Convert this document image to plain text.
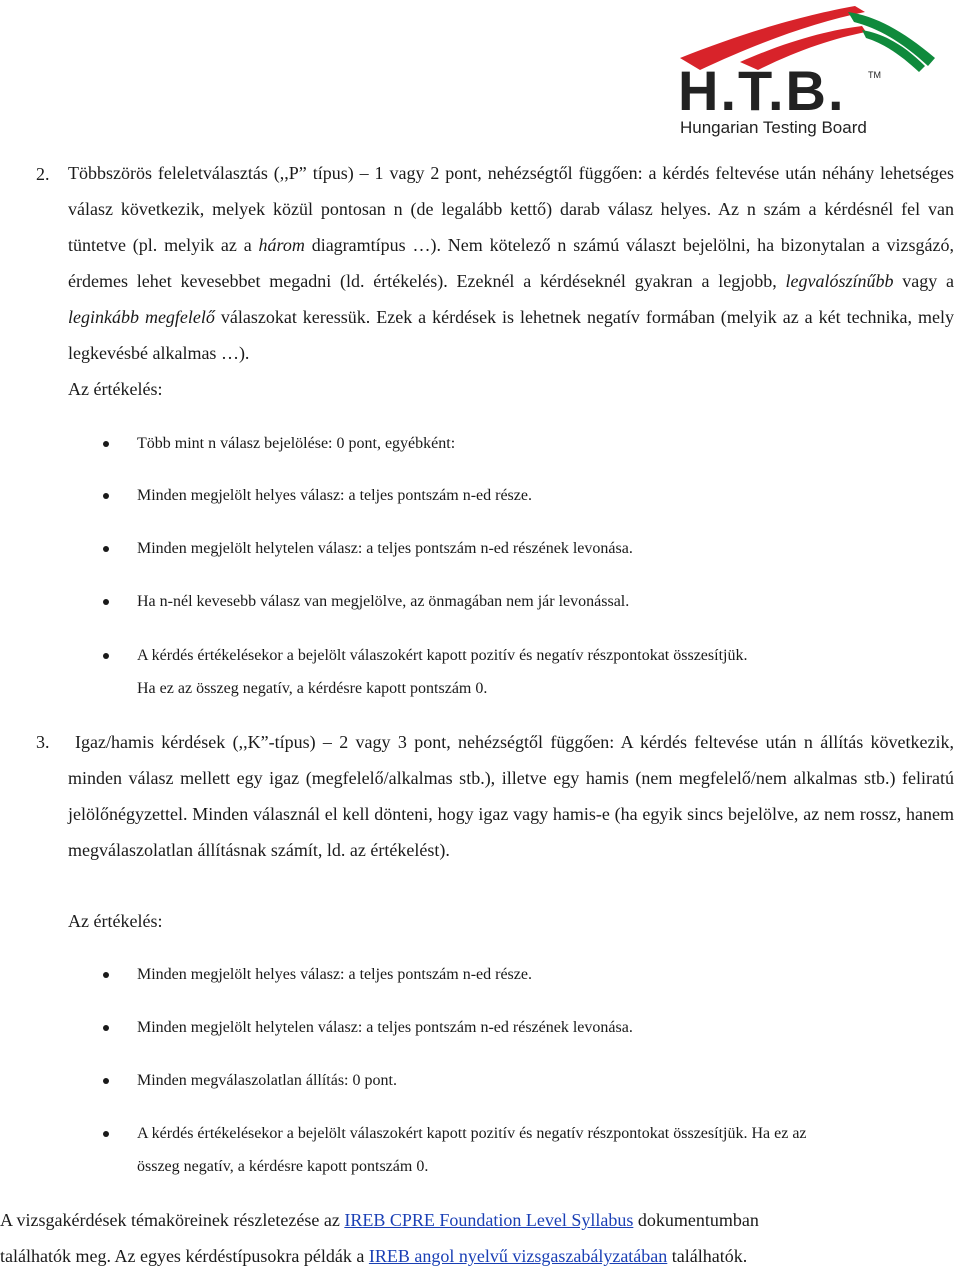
H.T.B. TM
Hungarian Testing Board
2. Többszörös feleletválasztás (,,P” típus) – 1 vagy 2 pont, nehézségtől függően: a kérdés feltevése után néhány lehetséges válasz következik, melyek közül pontosan n (de legalább kettő) darab válasz helyes. Az n szám a kérdésnél fel van tüntetve (pl. melyik az a három diagramtípus …). Nem kötelező n számú választ bejelölni, ha bizonytalan a vizsgázó, érdemes lehet kevesebbet megadni (ld. értékelés). Ezeknél a kérdéseknél gyakran a legjobb, legvalószínűbb vagy a leginkább megfelelő válaszokat keressük. Ezek a kérdések is lehetnek negatív formában (melyik az a két technika, mely legkevésbé alkalmas …).
Az értékelés:
Több mint n válasz bejelölése: 0 pont, egyébként:
Minden megjelölt helyes válasz: a teljes pontszám n-ed része.
Minden megjelölt helytelen válasz: a teljes pontszám n-ed részének levonása.
Ha n-nél kevesebb válasz van megjelölve, az önmagában nem jár levonással.
A kérdés értékelésekor a bejelölt válaszokért kapott pozitív és negatív részpontokat összesítjük.
Ha ez az összeg negatív, a kérdésre kapott pontszám 0.
3.	Igaz/hamis kérdések (,,K”-típus) – 2 vagy 3 pont, nehézségtől függően: A kérdés feltevése után n állítás következik, minden válasz mellett egy igaz (megfelelő/alkalmas stb.), illetve egy hamis (nem megfelelő/nem alkalmas stb.) feliratú jelölőnégyzettel. Minden válasznál el kell dönteni, hogy igaz vagy hamis-e (ha egyik sincs bejelölve, az nem rossz, hanem megválaszolatlan állításnak számít, ld. az értékelést).
Az értékelés:
Minden megjelölt helyes válasz: a teljes pontszám n-ed része.
Minden megjelölt helytelen válasz: a teljes pontszám n-ed részének levonása.
Minden megválaszolatlan állítás: 0 pont.
A kérdés értékelésekor a bejelölt válaszokért kapott pozitív és negatív részpontokat összesítjük. Ha ez az
összeg negatív, a kérdésre kapott pontszám 0.
A vizsgakérdések témaköreinek részletezése az IREB CPRE Foundation Level Syllabus dokumentumban
találhatók meg. Az egyes kérdéstípusokra példák a IREB angol nyelvű vizsgaszabályzatában találhatók.
